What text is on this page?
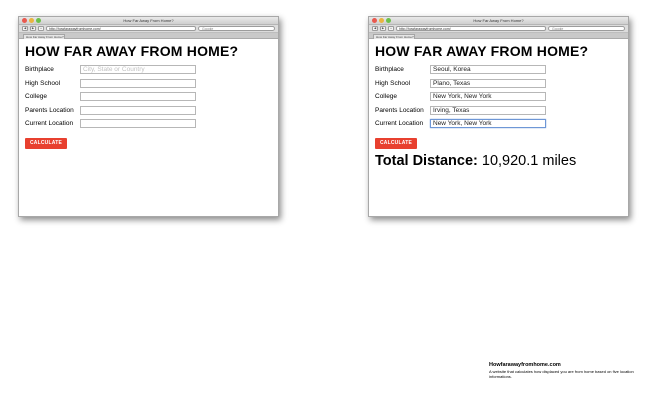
How Far Away From Home?
◀	▶	+	http://howfarawayfromhome.com/	Google
How Far Away From Home?
HOW FAR AWAY FROM HOME?
Birthplace	City, State or Country
High School
College
Parents Location
Current Location
CALCULATE
How Far Away From Home?
◀	▶	+	http://howfarawayfromhome.com/	Google
How Far Away From Home?
HOW FAR AWAY FROM HOME?
Birthplace	Seoul, Korea
High School	Plano, Texas
College	New York, New York
Parents Location	Irving, Texas
Current Location	New York, New York
CALCULATE
Total Distance: 10,920.1 miles
Howfarawayfromhome.com
A website that calculates how displaced you are from home based on five location informations.
